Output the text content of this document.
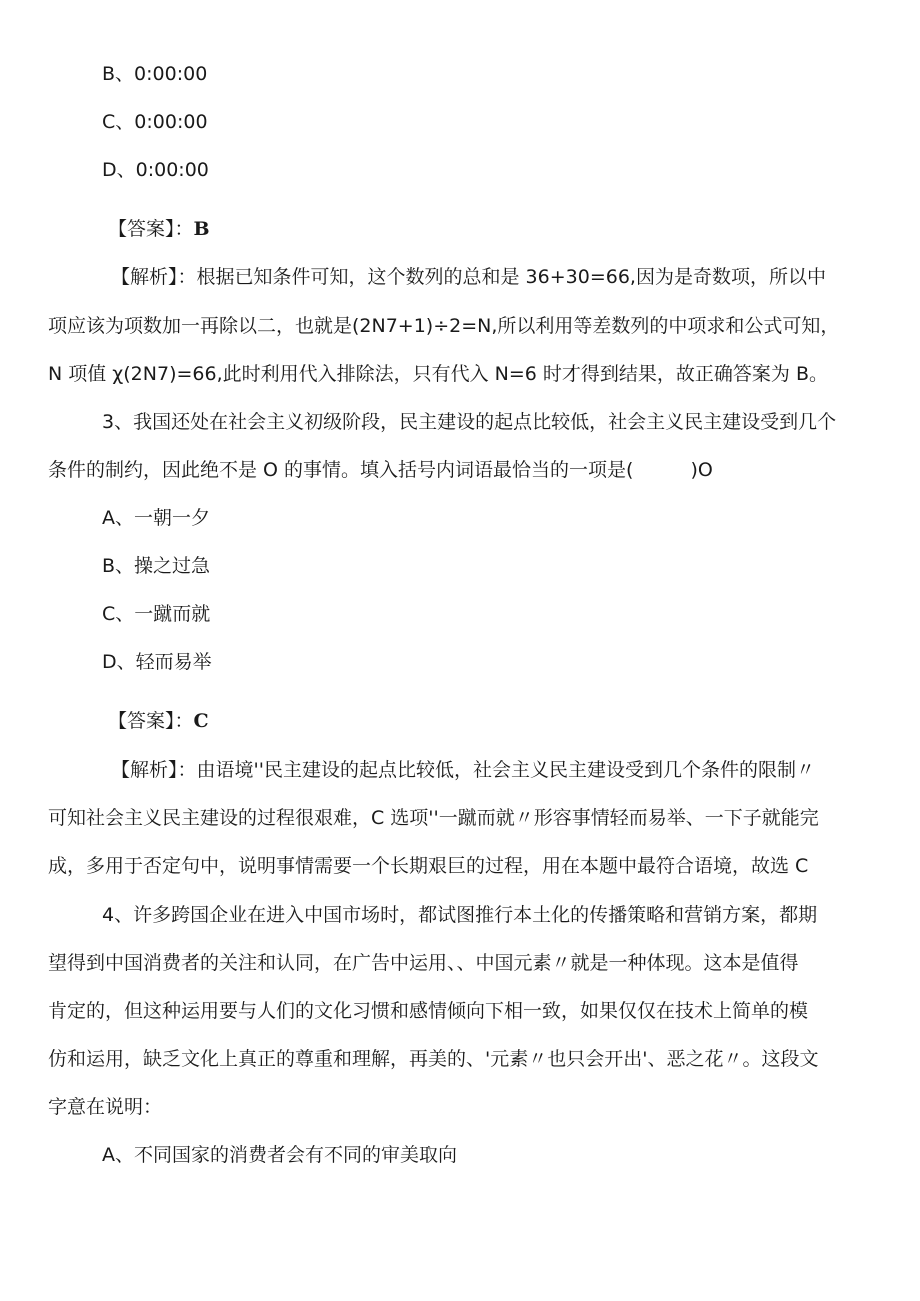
B、0:00:00
C、0:00:00
D、0:00:00
【答案】：B

【解析】：根据已知条件可知，这个数列的总和是 36+30=66,因为是奇数项，所以中

项应该为项数加一再除以二，也就是(2N7+1)÷2=N,所以利用等差数列的中项求和公式可知，

N 项值 χ(2N7)=66,此时利用代入排除法，只有代入 N=6 时才得到结果，故正确答案为 B。

3、我国还处在社会主义初级阶段，民主建设的起点比较低，社会主义民主建设受到几个

条件的制约，因此绝不是 O 的事情。填入括号内词语最恰当的一项是(　　　)O

A、一朝一夕
B、操之过急
C、一蹴而就
D、轻而易举
【答案】：C

【解析】：由语境''民主建设的起点比较低，社会主义民主建设受到几个条件的限制〃

可知社会主义民主建设的过程很艰难，C 选项''一蹴而就〃形容事情轻而易举、一下子就能完

成，多用于否定句中，说明事情需要一个长期艰巨的过程，用在本题中最符合语境，故选 C

4、许多跨国企业在进入中国市场时，都试图推行本土化的传播策略和营销方案，都期

望得到中国消费者的关注和认同，在广告中运用、、中国元素〃就是一种体现。这本是值得

肯定的，但这种运用要与人们的文化习惯和感情倾向下相一致，如果仅仅在技术上简单的模

仿和运用，缺乏文化上真正的尊重和理解，再美的、'元素〃也只会开出'、恶之花〃。这段文

字意在说明：

A、不同国家的消费者会有不同的审美取向
